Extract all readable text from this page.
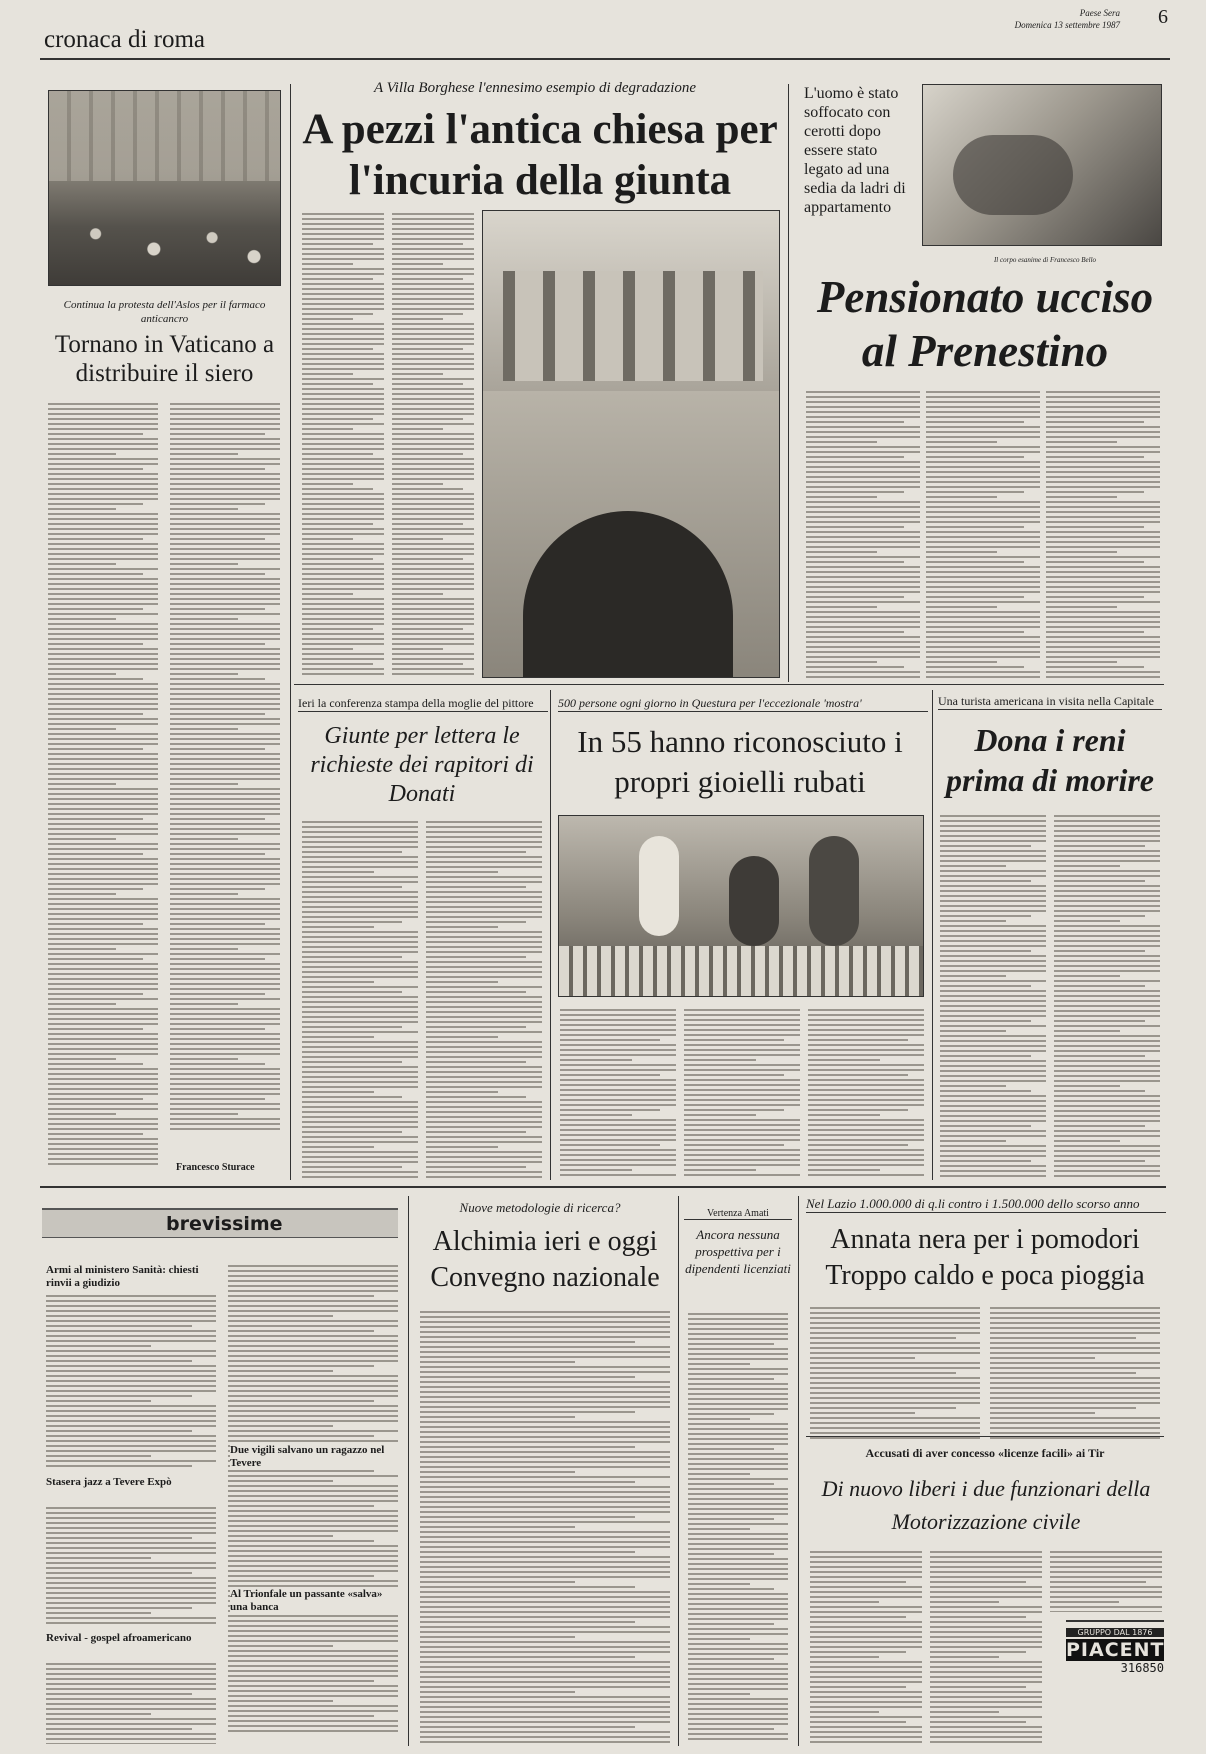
cronaca di roma
Paese Sera
Domenica 13 settembre 1987 6
Continua la protesta dell'Aslos per il farmaco anticancro
Tornano in Vaticano a distribuire il siero
Francesco Sturace
A Villa Borghese l'ennesimo esempio di degradazione
A pezzi l'antica chiesa per l'incuria della giunta
L'uomo è stato soffocato con cerotti dopo essere stato legato ad una sedia da ladri di appartamento
Il corpo esanime di Francesco Bello
Pensionato ucciso al Prenestino
Ieri la conferenza stampa della moglie del pittore
Giunte per lettera le richieste dei rapitori di Donati
500 persone ogni giorno in Questura per l'eccezionale 'mostra'
In 55 hanno riconosciuto i propri gioielli rubati
Una turista americana in visita nella Capitale
Dona i reni prima di morire
brevissime
Armi al ministero Sanità: chiesti rinvii a giudizio
Stasera jazz a Tevere Expò
Revival - gospel afroamericano
Due vigili salvano un ragazzo nel Tevere
Al Trionfale un passante «salva» una banca
Nuove metodologie di ricerca?
Alchimia ieri e oggi Convegno nazionale
Vertenza Amati
Ancora nessuna prospettiva per i dipendenti licenziati
Nel Lazio 1.000.000 di q.li contro i 1.500.000 dello scorso anno
Annata nera per i pomodori Troppo caldo e poca pioggia
Accusati di aver concesso «licenze facili» ai Tir
Di nuovo liberi i due funzionari della Motorizzazione civile
GRUPPO DAL 1876
PIACENTI
316850
